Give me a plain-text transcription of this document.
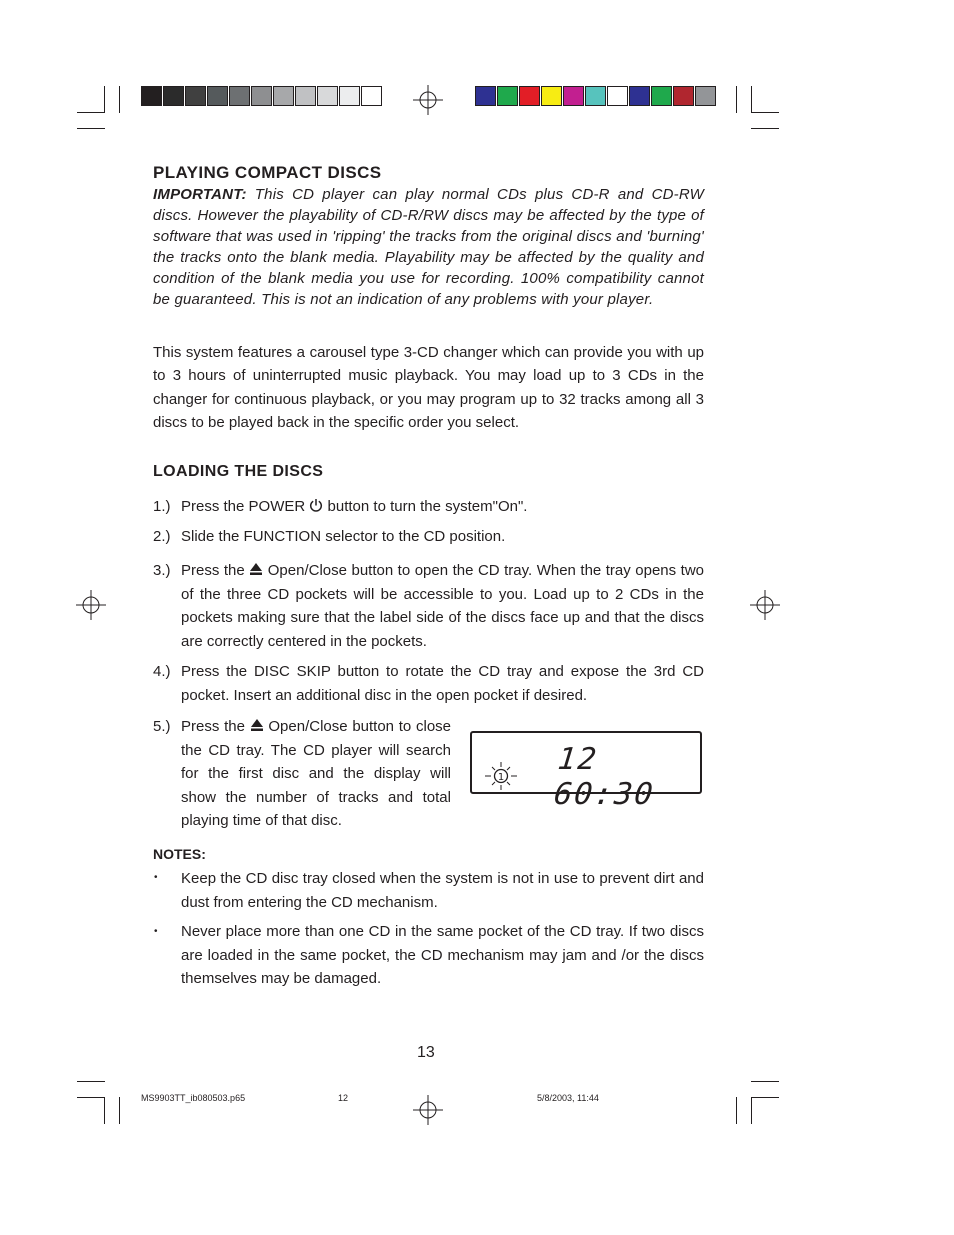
PLAYING COMPACT DISCS
IMPORTANT: This CD player can play normal CDs plus CD-R and CD-RW discs. However the playability of CD-R/RW discs may be affected by the type of software that was used in 'ripping' the tracks from the original discs and 'burning' the tracks onto the blank media. Playability may be affected by the quality and condition of the blank media you use for recording. 100% compatibility cannot be guaranteed. This is not an indication of any problems with your player.
This system features a carousel type 3-CD changer which can provide you with up to 3 hours of uninterrupted music playback. You may load up to 3 CDs in the changer for continuous playback, or you may program up to 32 tracks among all 3 discs to be played back in the specific order you select.
LOADING THE DISCS
1.) Press the POWER  button to turn the system"On".
2.) Slide the FUNCTION selector to the CD position.
3.) Press the  Open/Close button to open the CD tray. When the tray opens two of the three CD pockets will be accessible to you. Load up to 2 CDs in the pockets making sure that the label side of the discs face up and that the discs are correctly centered in the pockets.
4.) Press the DISC SKIP button to rotate the CD tray and expose the 3rd CD pocket. Insert an additional disc in the open pocket if desired.
5.) Press the  Open/Close button to close the CD tray. The CD player will search for the first disc and the display will show the number of tracks and total playing time of that disc.
1
12 60:30
NOTES:
• Keep the CD disc tray closed when the system is not in use to prevent dirt and dust from entering the CD mechanism.
• Never place more than one CD in the same pocket of the CD tray. If two discs are loaded in the same pocket, the CD mechanism may jam and /or the discs themselves may be damaged.
13
MS9903TT_ib080503.p65	12	5/8/2003, 11:44
